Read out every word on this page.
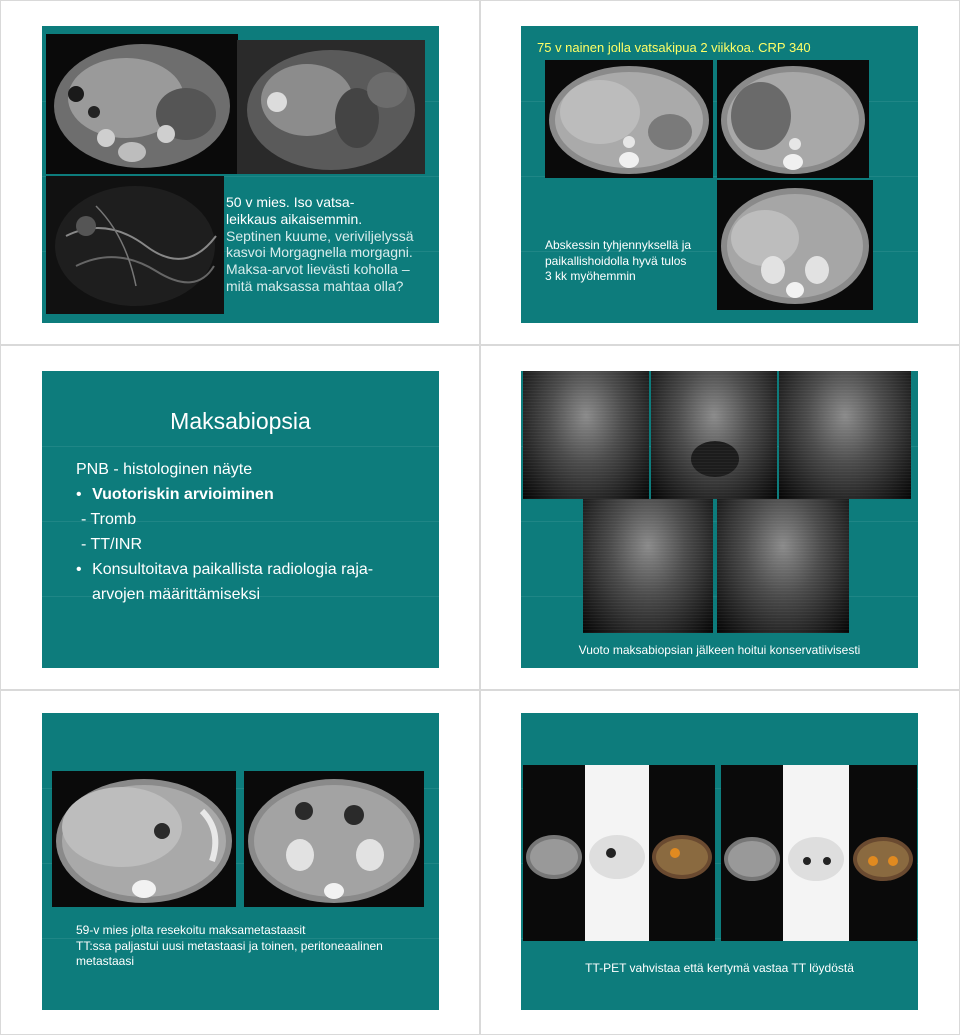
50 v mies. Iso vatsa-
leikkaus aikaisemmin.
Septinen kuume, veriviljelyssä
kasvoi Morgagnella morgagni.
Maksa-arvot lievästi koholla –
mitä maksassa mahtaa olla?
75 v nainen jolla vatsakipua 2 viikkoa. CRP 340
Abskessin tyhjennyksellä ja
paikallishoidolla hyvä tulos
3 kk myöhemmin
Maksabiopsia
PNB - histologinen näyte
• Vuotoriskin arvioiminen
- Tromb
- TT/INR
• Konsultoitava paikallista radiologia raja-
arvojen määrittämiseksi
Vuoto maksabiopsian jälkeen hoitui konservatiivisesti
59-v mies jolta resekoitu maksametastaasit
TT:ssa paljastui uusi metastaasi ja toinen, peritoneaalinen
metastaasi	TT-PET vahvistaa että kertymä vastaa TT löydöstä
